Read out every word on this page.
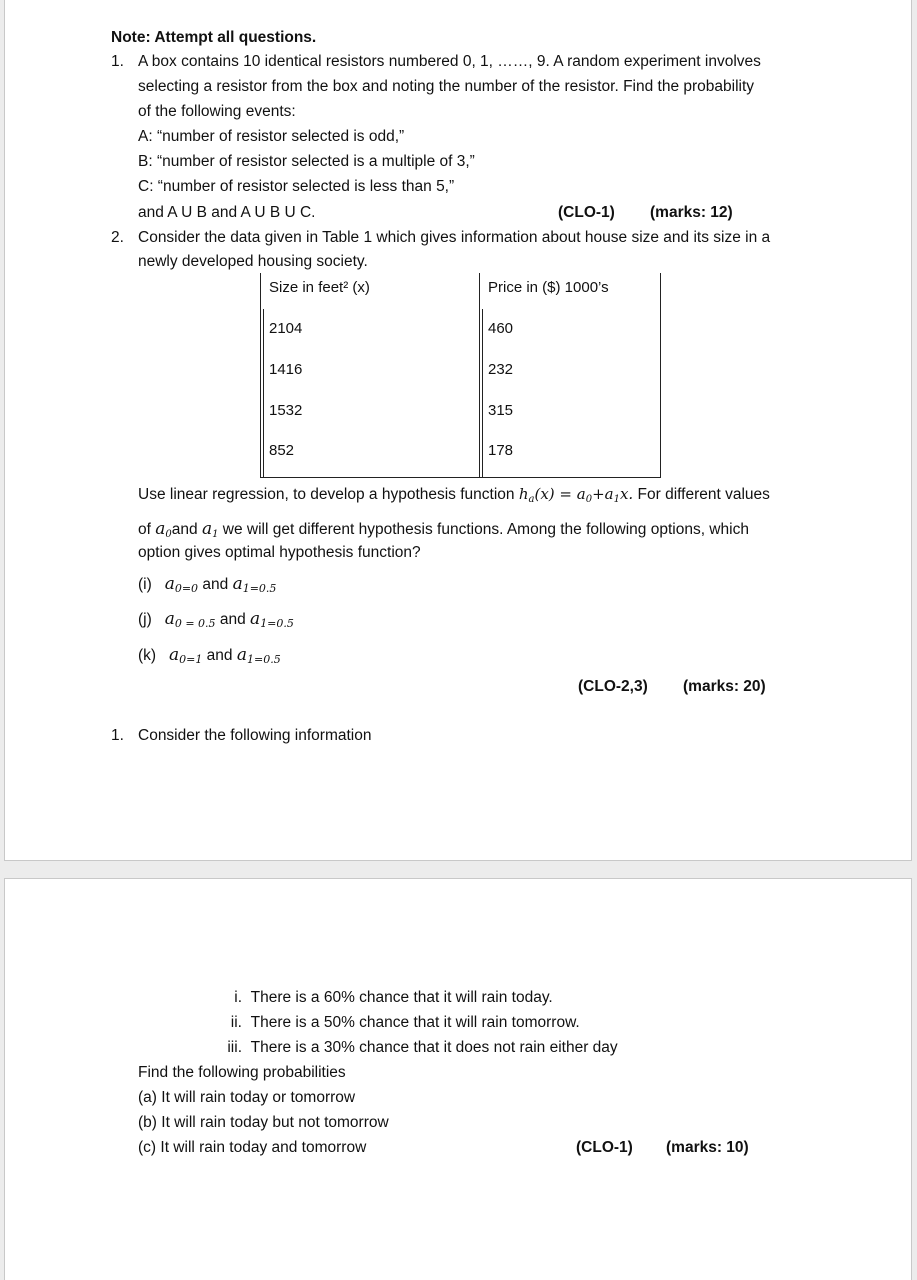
Note: Attempt all questions.
1. A box contains 10 identical resistors numbered 0, 1, ……, 9. A random experiment involves
selecting a resistor from the box and noting the number of the resistor. Find the probability
of the following events:
A: “number of resistor selected is odd,”
B: “number of resistor selected is a multiple of 3,”
C: “number of resistor selected is less than 5,”
and A U B and A U B U C.	(CLO-1) (marks: 12)
2. Consider the data given in Table 1 which gives information about house size and its size in a
newly developed housing society.
Size in feet² (x)	Price in ($) 1000’s
2104	460
1416	232
1532	315
852	178
Use linear regression, to develop a hypothesis function $h_a(x) = a_0+a_1x$. For different values
of $a_0and$ $a_1$ we will get different hypothesis functions. Among the following options, which
option gives optimal hypothesis function?
(i) a0=0 and a1=0.5
(j) a0 = 0.5 and a1=0.5
(k) a0=1 and a1=0.5
(CLO-2,3) (marks: 20)
1. Consider the following information
i. There is a 60% chance that it will rain today.
ii. There is a 50% chance that it will rain tomorrow.
iii. There is a 30% chance that it does not rain either day
Find the following probabilities
(a) It will rain today or tomorrow
(b) It will rain today but not tomorrow
(c) It will rain today and tomorrow	(CLO-1) (marks: 10)
